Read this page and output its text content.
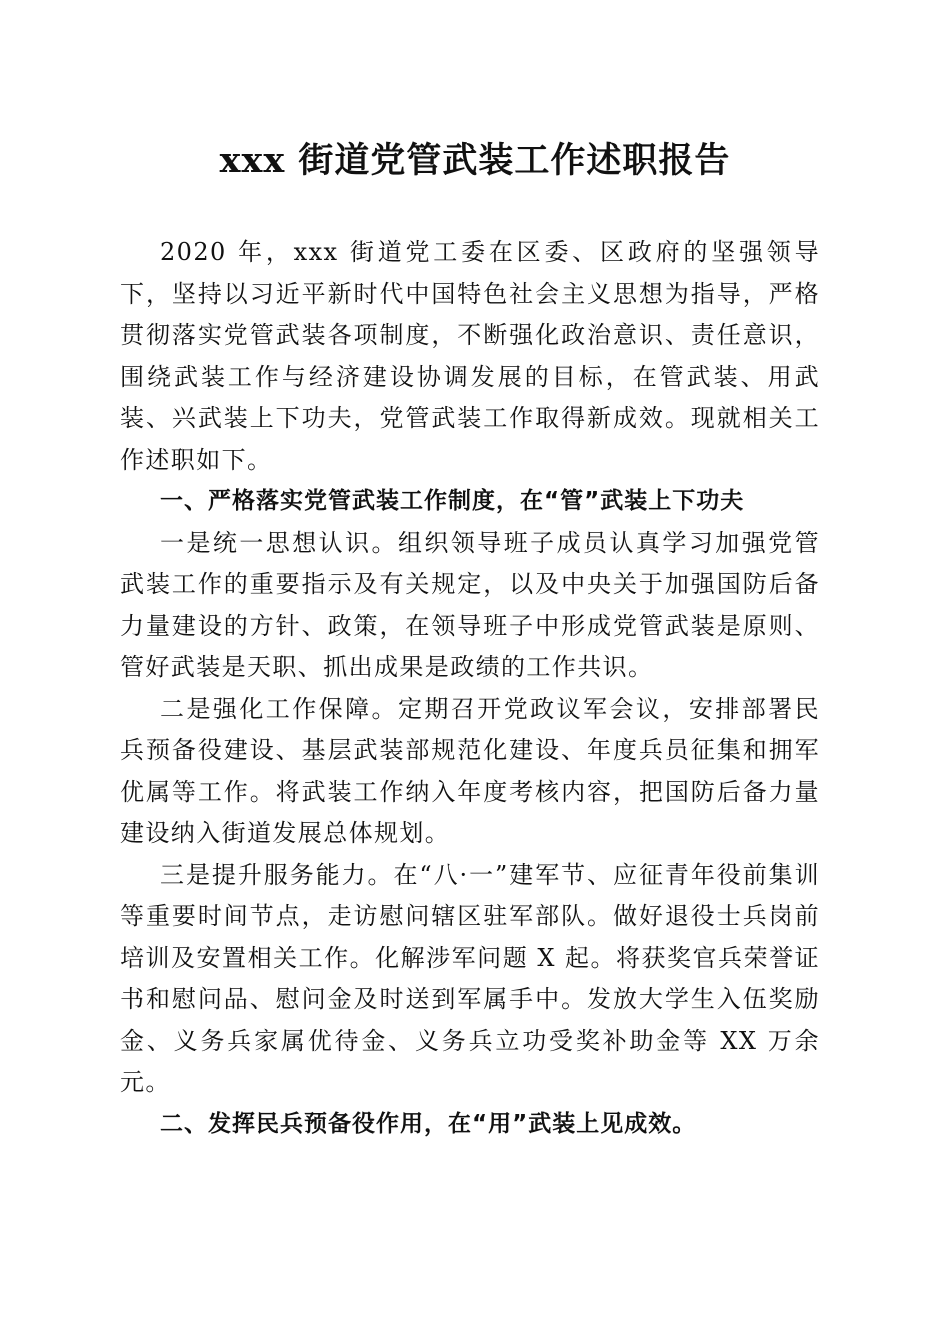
xxx 街道党管武装工作述职报告

2020 年，xxx 街道党工委在区委、区政府的坚强领导下，坚持以习近平新时代中国特色社会主义思想为指导，严格贯彻落实党管武装各项制度，不断强化政治意识、责任意识，围绕武装工作与经济建设协调发展的目标，在管武装、用武装、兴武装上下功夫，党管武装工作取得新成效。现就相关工作述职如下。

一、严格落实党管武装工作制度，在“管”武装上下功夫

一是统一思想认识。组织领导班子成员认真学习加强党管武装工作的重要指示及有关规定，以及中央关于加强国防后备力量建设的方针、政策，在领导班子中形成党管武装是原则、管好武装是天职、抓出成果是政绩的工作共识。

二是强化工作保障。定期召开党政议军会议，安排部署民兵预备役建设、基层武装部规范化建设、年度兵员征集和拥军优属等工作。将武装工作纳入年度考核内容，把国防后备力量建设纳入街道发展总体规划。

三是提升服务能力。在“八·一”建军节、应征青年役前集训等重要时间节点，走访慰问辖区驻军部队。做好退役士兵岗前培训及安置相关工作。化解涉军问题 X 起。将获奖官兵荣誉证书和慰问品、慰问金及时送到军属手中。发放大学生入伍奖励金、义务兵家属优待金、义务兵立功受奖补助金等 XX 万余元。

二、发挥民兵预备役作用，在“用”武装上见成效。
